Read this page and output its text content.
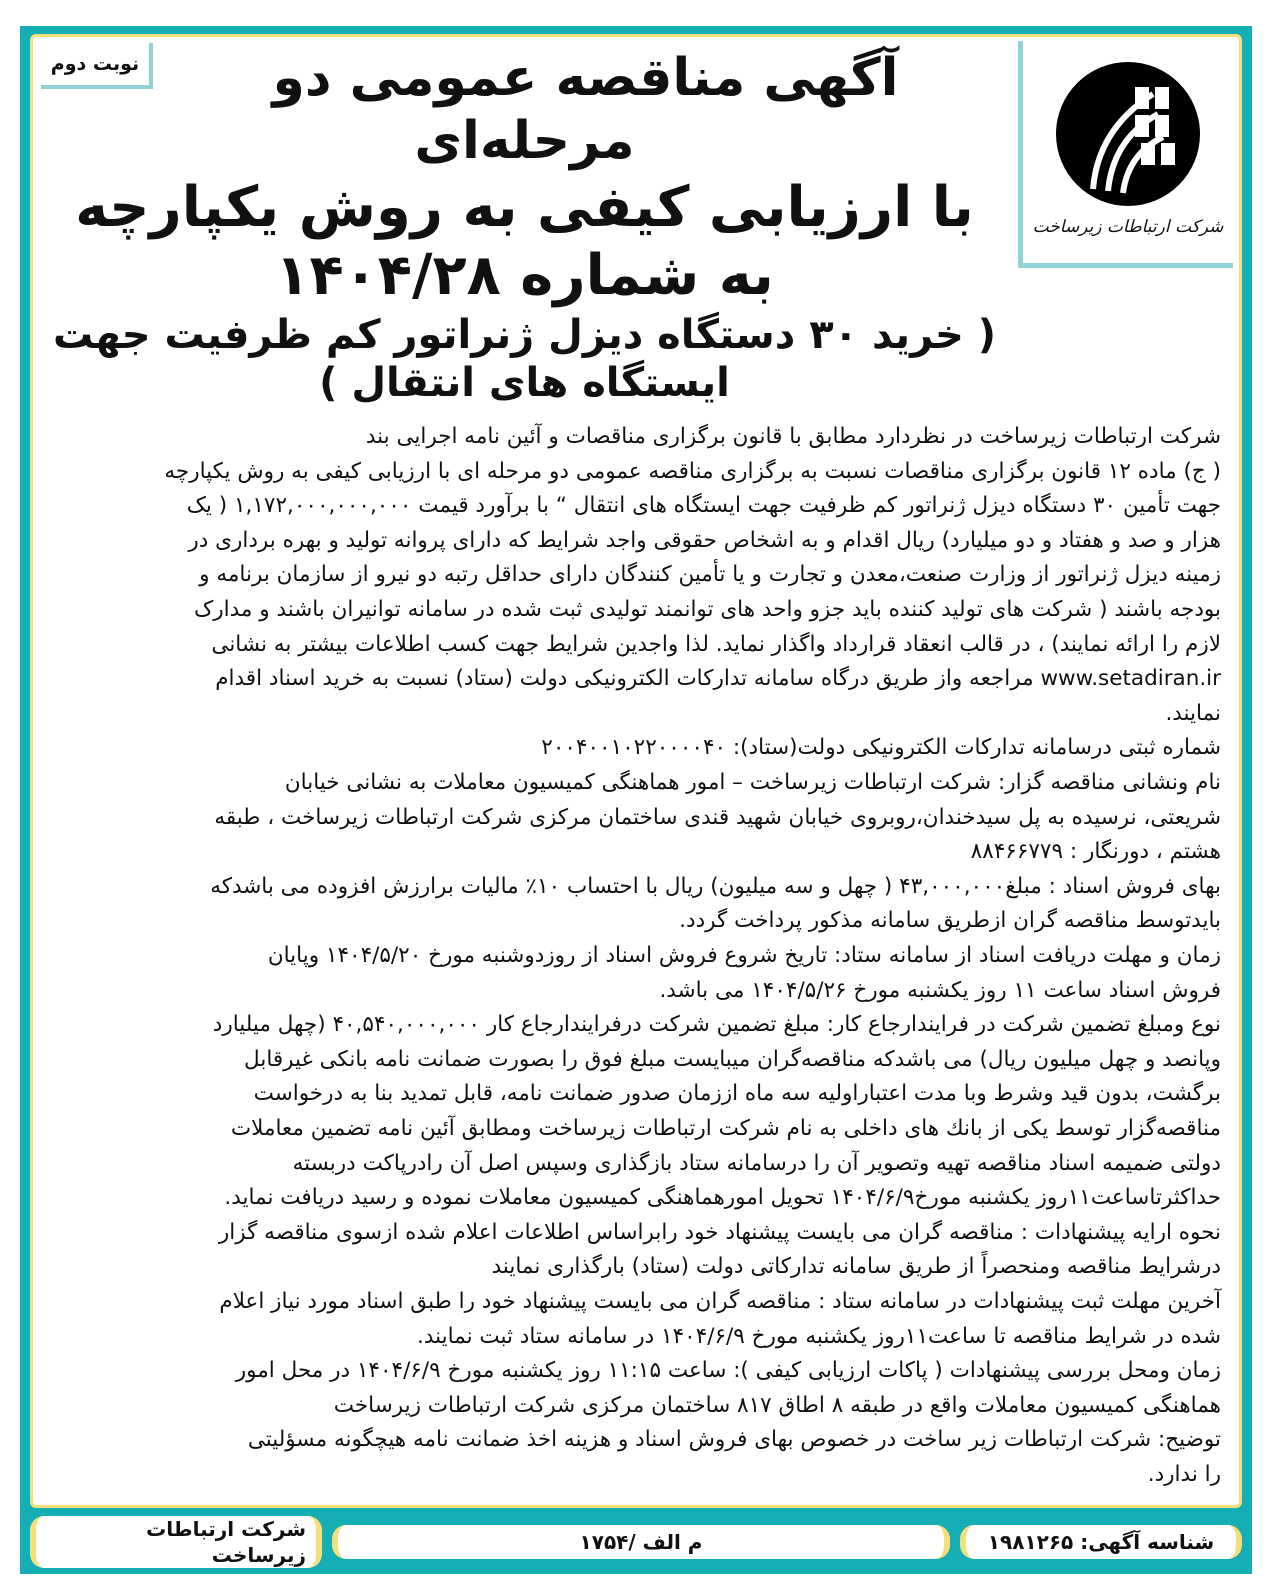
شرکت ارتباطات زیرساخت
نوبت دوم	آگهی مناقصه عمومی دو مرحله‌ای
با ارزیابی کیفی به روش یکپارچه به شماره ۱۴۰۴/۲۸
( خرید ۳۰ دستگاه دیزل ژنراتور کم ظرفیت جهت ایستگاه های انتقال )
شرکت ارتباطات زیرساخت در نظردارد مطابق با قانون برگزاری مناقصات و آئین نامه اجرایی بند
( ج) ماده ۱۲ قانون برگزاری مناقصات نسبت به برگزاری مناقصه عمومی دو مرحله ای با ارزیابی کیفی به روش یکپارچه
جهت تأمین ۳۰ دستگاه دیزل ژنراتور کم ظرفیت جهت ایستگاه های انتقال “ با برآورد قیمت ۱,۱۷۲,۰۰۰,۰۰۰,۰۰۰ ( یک
هزار و صد و هفتاد و دو میلیارد) ریال اقدام و به اشخاص حقوقی واجد شرایط که دارای پروانه تولید و بهره برداری در
زمینه دیزل ژنراتور از وزارت صنعت،معدن و تجارت و یا تأمین کنندگان دارای حداقل رتبه دو نیرو از سازمان برنامه و
بودجه باشند ( شرکت های تولید کننده باید جزو واحد های توانمند تولیدی ثبت شده در سامانه توانیران باشند و مدارک
لازم را ارائه نمایند) ، در قالب انعقاد قرارداد واگذار نماید. لذا واجدین شرایط جهت کسب اطلاعات بیشتر به نشانی
www.setadiran.ir مراجعه واز طریق درگاه سامانه تدارکات الکترونیکی دولت (ستاد) نسبت به خرید اسناد اقدام
نمایند.
شماره ثبتی درسامانه تدارکات الکترونیکی دولت(ستاد): ۲۰۰۴۰۰۱۰۲۲۰۰۰۰۴۰
نام ونشانی مناقصه گزار: شرکت ارتباطات زیرساخت – امور هماهنگی کمیسیون معاملات به نشانی خیابان
شریعتی، نرسیده به پل سیدخندان،روبروی خیابان شهید قندی ساختمان مرکزی شرکت ارتباطات زیرساخت ، طبقه
هشتم ، دورنگار : ۸۸۴۶۶۷۷۹
بهای فروش اسناد : مبلغ۴۳,۰۰۰,۰۰۰ ( چهل و سه میلیون) ریال با احتساب ۱۰٪ مالیات برارزش افزوده می باشدکه
بایدتوسط مناقصه گران ازطریق سامانه مذکور پرداخت گردد.
زمان و مهلت دریافت اسناد از سامانه ستاد: تاریخ شروع فروش اسناد از روزدوشنبه مورخ ۱۴۰۴/۵/۲۰ وپایان
فروش اسناد ساعت ۱۱ روز یکشنبه مورخ ۱۴۰۴/۵/۲۶ می باشد.
نوع ومبلغ تضمین شرکت در فرایندارجاع کار: مبلغ تضمین شرکت درفرایندارجاع کار ۴۰,۵۴۰,۰۰۰,۰۰۰ (چهل میلیارد
وپانصد و چهل میلیون ریال) می باشدکه مناقصه‌گران میبایست مبلغ فوق را بصورت ضمانت نامه بانکی غیرقابل
برگشت، بدون قید وشرط وبا مدت اعتباراولیه سه ماه اززمان صدور ضمانت نامه، قابل تمدید بنا به درخواست
مناقصه‌گزار توسط یکی از بانك های داخلی به نام شرکت ارتباطات زیرساخت ومطابق آئین نامه تضمین معاملات
دولتی ضمیمه اسناد مناقصه تهیه وتصویر آن را درسامانه ستاد بازگذاری وسپس اصل آن رادرپاکت دربسته
حداکثرتاساعت۱۱روز یکشنبه مورخ۱۴۰۴/۶/۹ تحویل امورهماهنگی کمیسیون معاملات نموده و رسید دریافت نماید.
نحوه ارایه پیشنهادات : مناقصه گران می بایست پیشنهاد خود رابراساس اطلاعات اعلام شده ازسوی مناقصه گزار
درشرایط مناقصه ومنحصراً از طریق سامانه تدارکاتی دولت (ستاد) بارگذاری نمایند
آخرین مهلت ثبت پیشنهادات در سامانه ستاد : مناقصه گران می بایست پیشنهاد خود را طبق اسناد مورد نیاز اعلام
شده در شرایط مناقصه تا ساعت۱۱روز یکشنبه مورخ ۱۴۰۴/۶/۹ در سامانه ستاد ثبت نمایند.
زمان ومحل بررسی پیشنهادات ( پاکات ارزیابی کیفی ): ساعت ۱۱:۱۵ روز یکشنبه مورخ ۱۴۰۴/۶/۹ در محل امور
هماهنگی کمیسیون معاملات واقع در طبقه ۸ اطاق ۸۱۷ ساختمان مرکزی شرکت ارتباطات زیرساخت
توضیح: شرکت ارتباطات زیر ساخت در خصوص بهای فروش اسناد و هزینه اخذ ضمانت نامه هیچگونه مسؤلیتی
را ندارد.
شناسه آگهی: ۱۹۸۱۲۶۵
م الف /۱۷۵۴
شرکت ارتباطات زیرساخت
